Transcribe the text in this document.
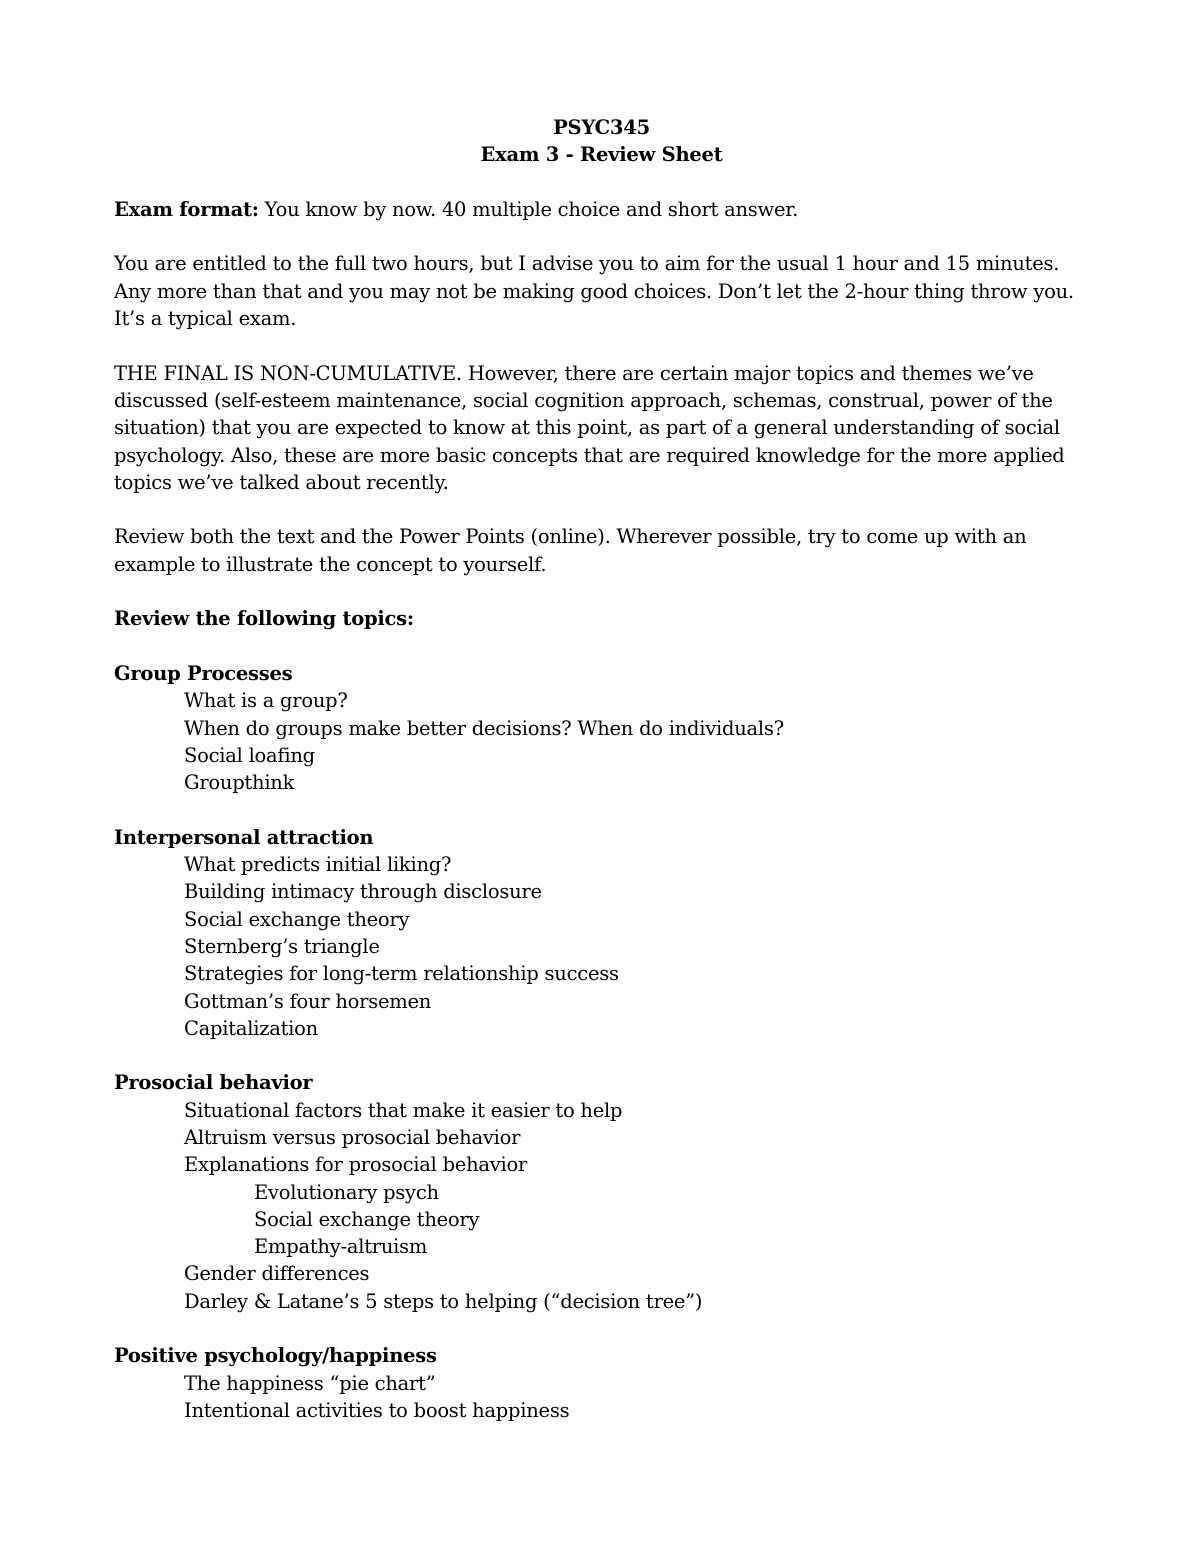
PSYC345
Exam 3 - Review Sheet

Exam format: You know by now. 40 multiple choice and short answer.

You are entitled to the full two hours, but I advise you to aim for the usual 1 hour and 15 minutes. Any more than that and you may not be making good choices. Don’t let the 2-hour thing throw you. It’s a typical exam.

THE FINAL IS NON-CUMULATIVE. However, there are certain major topics and themes we’ve discussed (self-esteem maintenance, social cognition approach, schemas, construal, power of the situation) that you are expected to know at this point, as part of a general understanding of social psychology. Also, these are more basic concepts that are required knowledge for the more applied topics we’ve talked about recently.

Review both the text and the Power Points (online). Wherever possible, try to come up with an example to illustrate the concept to yourself.

Review the following topics:

Group Processes
What is a group?
When do groups make better decisions? When do individuals?
Social loafing
Groupthink
Interpersonal attraction
What predicts initial liking?
Building intimacy through disclosure
Social exchange theory
Sternberg’s triangle
Strategies for long-term relationship success
Gottman’s four horsemen
Capitalization
Prosocial behavior
Situational factors that make it easier to help
Altruism versus prosocial behavior
Explanations for prosocial behavior
Evolutionary psych
Social exchange theory
Empathy-altruism
Gender differences
Darley & Latane’s 5 steps to helping (“decision tree”)
Positive psychology/happiness
The happiness “pie chart”
Intentional activities to boost happiness
